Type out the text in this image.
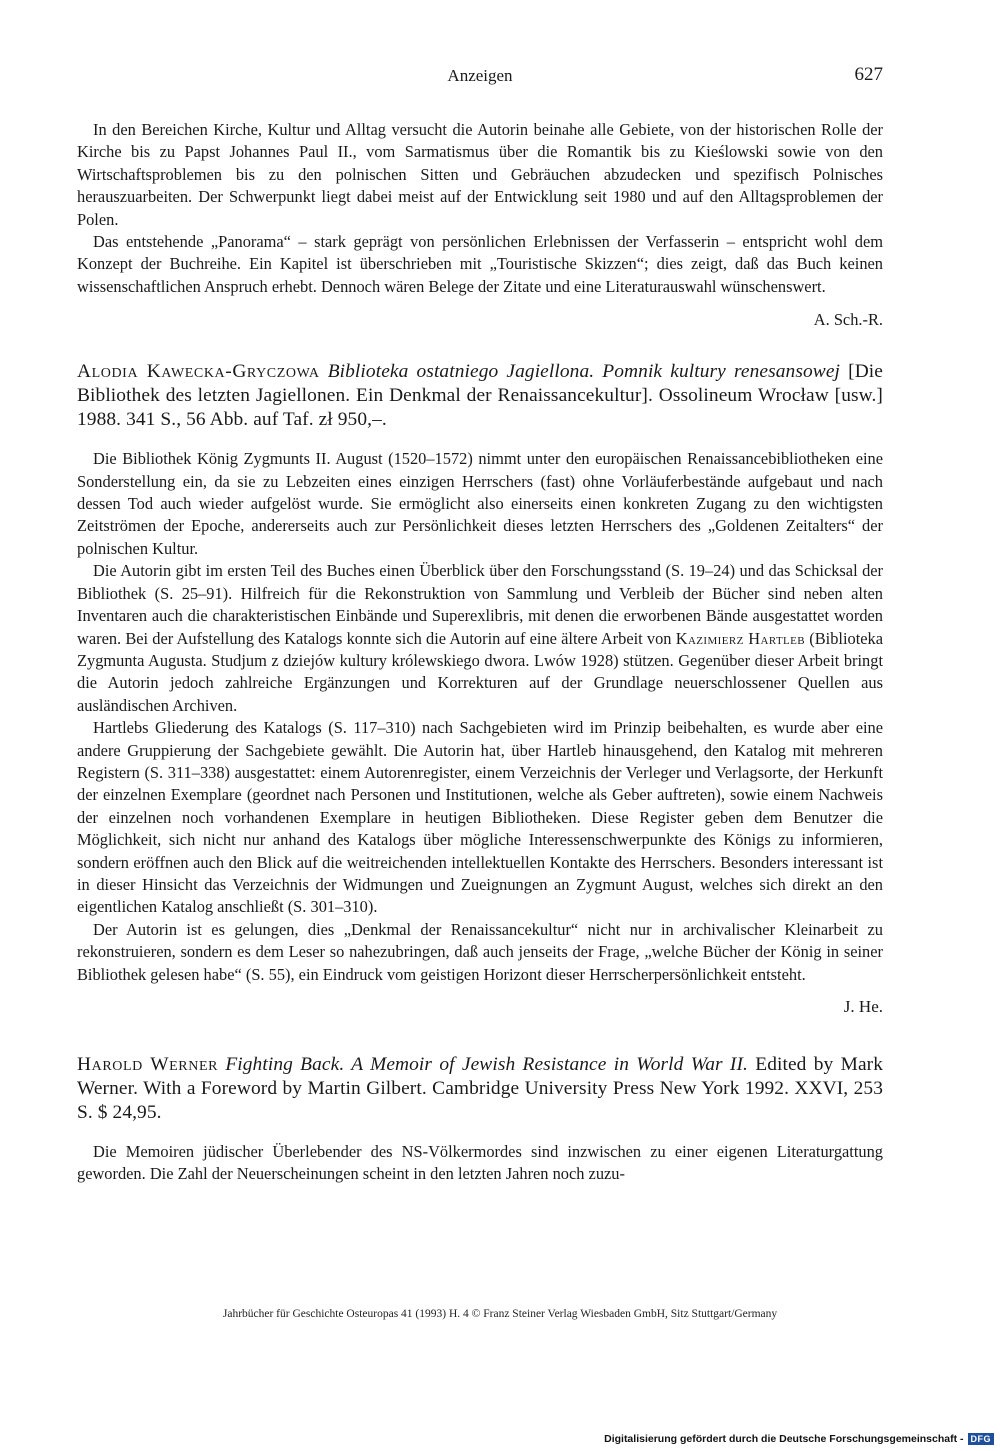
Anzeigen	627

In den Bereichen Kirche, Kultur und Alltag versucht die Autorin beinahe alle Gebiete, von der historischen Rolle der Kirche bis zu Papst Johannes Paul II., vom Sarmatismus über die Romantik bis zu Kieślowski sowie von den Wirtschaftsproblemen bis zu den polnischen Sitten und Gebräuchen abzudecken und spezifisch Polnisches herauszuarbeiten. Der Schwerpunkt liegt dabei meist auf der Entwicklung seit 1980 und auf den Alltagsproblemen der Polen.

Das entstehende „Panorama“ – stark geprägt von persönlichen Erlebnissen der Verfasserin – entspricht wohl dem Konzept der Buchreihe. Ein Kapitel ist überschrieben mit „Touristische Skizzen“; dies zeigt, daß das Buch keinen wissenschaftlichen Anspruch erhebt. Dennoch wären Belege der Zitate und eine Literaturauswahl wünschenswert.

A. Sch.-R.
Alodia Kawecka-Gryczowa Biblioteka ostatniego Jagiellona. Pomnik kultury renesansowej [Die Bibliothek des letzten Jagiellonen. Ein Denkmal der Renaissancekultur]. Ossolineum Wrocław [usw.] 1988. 341 S., 56 Abb. auf Taf. zł 950,–.

Die Bibliothek König Zygmunts II. August (1520–1572) nimmt unter den europäischen Renaissancebibliotheken eine Sonderstellung ein, da sie zu Lebzeiten eines einzigen Herrschers (fast) ohne Vorläuferbestände aufgebaut und nach dessen Tod auch wieder aufgelöst wurde. Sie ermöglicht also einerseits einen konkreten Zugang zu den wichtigsten Zeitströmen der Epoche, andererseits auch zur Persönlichkeit dieses letzten Herrschers des „Goldenen Zeitalters“ der polnischen Kultur.

Die Autorin gibt im ersten Teil des Buches einen Überblick über den Forschungsstand (S. 19–24) und das Schicksal der Bibliothek (S. 25–91). Hilfreich für die Rekonstruktion von Sammlung und Verbleib der Bücher sind neben alten Inventaren auch die charakteristischen Einbände und Superexlibris, mit denen die erworbenen Bände ausgestattet worden waren. Bei der Aufstellung des Katalogs konnte sich die Autorin auf eine ältere Arbeit von Kazimierz Hartleb (Biblioteka Zygmunta Augusta. Studjum z dziejów kultury królewskiego dwora. Lwów 1928) stützen. Gegenüber dieser Arbeit bringt die Autorin jedoch zahlreiche Ergänzungen und Korrekturen auf der Grundlage neuerschlossener Quellen aus ausländischen Archiven.

Hartlebs Gliederung des Katalogs (S. 117–310) nach Sachgebieten wird im Prinzip beibehalten, es wurde aber eine andere Gruppierung der Sachgebiete gewählt. Die Autorin hat, über Hartleb hinausgehend, den Katalog mit mehreren Registern (S. 311–338) ausgestattet: einem Autorenregister, einem Verzeichnis der Verleger und Verlagsorte, der Herkunft der einzelnen Exemplare (geordnet nach Personen und Institutionen, welche als Geber auftreten), sowie einem Nachweis der einzelnen noch vorhandenen Exemplare in heutigen Bibliotheken. Diese Register geben dem Benutzer die Möglichkeit, sich nicht nur anhand des Katalogs über mögliche Interessenschwerpunkte des Königs zu informieren, sondern eröffnen auch den Blick auf die weitreichenden intellektuellen Kontakte des Herrschers. Besonders interessant ist in dieser Hinsicht das Verzeichnis der Widmungen und Zueignungen an Zygmunt August, welches sich direkt an den eigentlichen Katalog anschließt (S. 301–310).

Der Autorin ist es gelungen, dies „Denkmal der Renaissancekultur“ nicht nur in archivalischer Kleinarbeit zu rekonstruieren, sondern es dem Leser so nahezubringen, daß auch jenseits der Frage, „welche Bücher der König in seiner Bibliothek gelesen habe“ (S. 55), ein Eindruck vom geistigen Horizont dieser Herrscherpersönlichkeit entsteht.

J. He.
Harold Werner Fighting Back. A Memoir of Jewish Resistance in World War II. Edited by Mark Werner. With a Foreword by Martin Gilbert. Cambridge University Press New York 1992. XXVI, 253 S. $ 24,95.

Die Memoiren jüdischer Überlebender des NS-Völkermordes sind inzwischen zu einer eigenen Literaturgattung geworden. Die Zahl der Neuerscheinungen scheint in den letzten Jahren noch zuzu-

Jahrbücher für Geschichte Osteuropas 41 (1993) H. 4 © Franz Steiner Verlag Wiesbaden GmbH, Sitz Stuttgart/Germany
Digitalisierung gefördert durch die Deutsche Forschungsgemeinschaft - DFG
